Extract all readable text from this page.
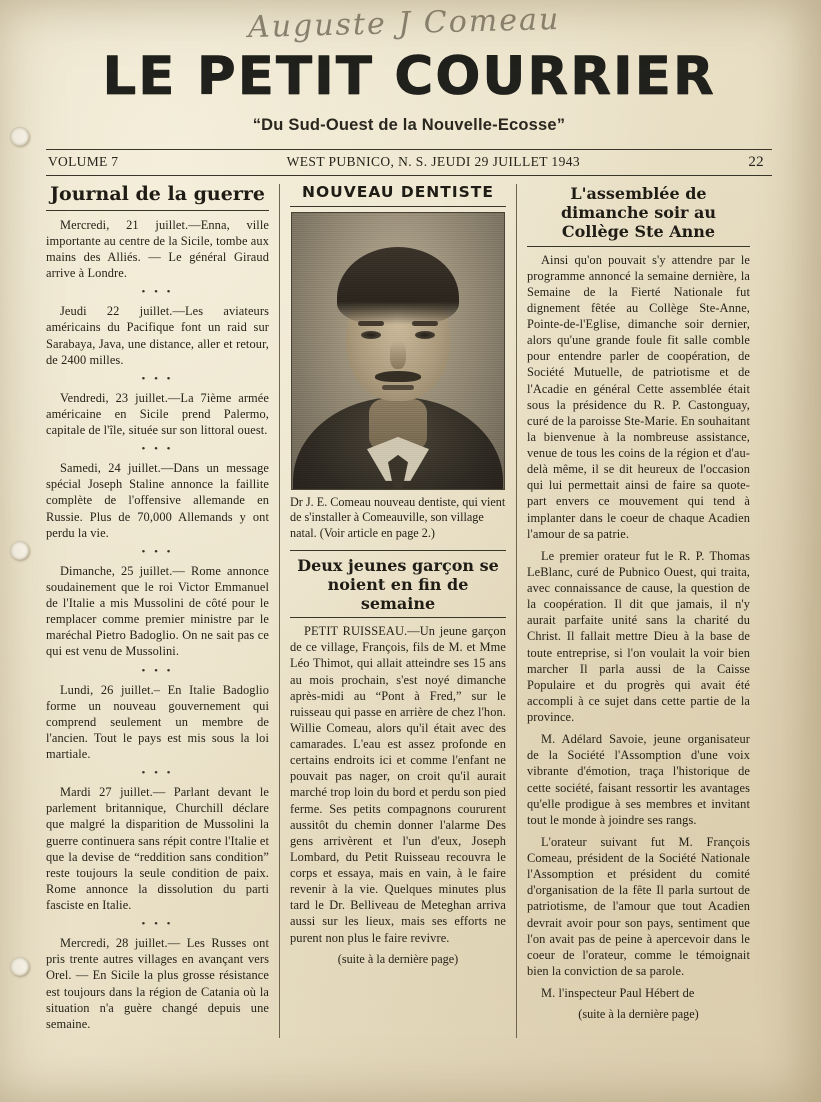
Auguste J Comeau
LE PETIT COURRIER
“Du Sud-Ouest de la Nouvelle-Ecosse”
VOLUME 7	WEST PUBNICO, N. S. JEUDI 29 JUILLET 1943	22
Journal de la guerre

Mercredi, 21 juillet.—Enna, ville importante au centre de la Sicile, tombe aux mains des Alliés. — Le général Giraud arrive à Londre.

• • •

Jeudi 22 juillet.—Les aviateurs américains du Pacifique font un raid sur Sarabaya, Java, une distance, aller et retour, de 2400 milles.

• • •

Vendredi, 23 juillet.—La 7ième armée américaine en Sicile prend Palermo, capitale de l'île, située sur son littoral ouest.

• • •

Samedi, 24 juillet.—Dans un message spécial Joseph Staline annonce la faillite complète de l'offensive allemande en Russie. Plus de 70,000 Allemands y ont perdu la vie.

• • •

Dimanche, 25 juillet.— Rome annonce soudainement que le roi Victor Emmanuel de l'Italie a mis Mussolini de côté pour le remplacer comme premier ministre par le maréchal Pietro Badoglio. On ne sait pas ce qui est venu de Mussolini.

• • •

Lundi, 26 juillet.– En Italie Badoglio forme un nouveau gouvernement qui comprend seulement un membre de l'ancien. Tout le pays est mis sous la loi martiale.

• • •

Mardi 27 juillet.— Parlant devant le parlement britannique, Churchill déclare que malgré la disparition de Mussolini la guerre continuera sans répit contre l'Italie et que la devise de “reddition sans condition” reste toujours la seule condition de paix. Rome annonce la dissolution du parti fasciste en Italie.

• • •

Mercredi, 28 juillet.— Les Russes ont pris trente autres villages en avançant vers Orel. — En Sicile la plus grosse résistance est toujours dans la région de Catania où la situation n'a guère changé depuis une semaine.

NOUVEAU DENTISTE
Dr J. E. Comeau nouveau dentiste, qui vient de s'installer à Comeauville, son village natal. (Voir article en page 2.)
Deux jeunes garçon se noient en fin de semaine

PETIT RUISSEAU.—Un jeune garçon de ce village, François, fils de M. et Mme Léo Thimot, qui allait atteindre ses 15 ans au mois prochain, s'est noyé dimanche après-midi au “Pont à Fred,” sur le ruisseau qui passe en arrière de chez l'hon. Willie Comeau, alors qu'il était avec des camarades. L'eau est assez profonde en certains endroits ici et comme l'enfant ne pouvait pas nager, on croit qu'il aurait marché trop loin du bord et perdu son pied ferme. Ses petits compagnons coururent aussitôt du chemin donner l'alarme Des gens arrivèrent et l'un d'eux, Joseph Lombard, du Petit Ruisseau recouvra le corps et essaya, mais en vain, à le faire revenir à la vie. Quelques minutes plus tard le Dr. Belliveau de Meteghan arriva aussi sur les lieux, mais ses efforts ne purent non plus le faire revivre.

(suite à la dernière page)
L'assemblée de dimanche soir au Collège Ste Anne

Ainsi qu'on pouvait s'y attendre par le programme annoncé la semaine dernière, la Semaine de la Fierté Nationale fut dignement fêtée au Collège Ste-Anne, Pointe-de-l'Eglise, dimanche soir dernier, alors qu'une grande foule fit salle comble pour entendre parler de coopération, de Société Mutuelle, de patriotisme et de l'Acadie en général Cette assemblée était sous la présidence du R. P. Castonguay, curé de la paroisse Ste-Marie. En souhaitant la bienvenue à la nombreuse assistance, venue de tous les coins de la région et d'au-delà même, il se dit heureux de l'occasion qui lui permettait ainsi de faire sa quote-part envers ce mouvement qui tend à implanter dans le coeur de chaque Acadien l'amour de sa patrie.

Le premier orateur fut le R. P. Thomas LeBlanc, curé de Pubnico Ouest, qui traita, avec connaissance de cause, la question de la coopération. Il dit que jamais, il n'y aurait parfaite unité sans la charité du Christ. Il fallait mettre Dieu à la base de toute entreprise, si l'on voulait la voir bien marcher Il parla aussi de la Caisse Populaire et du progrès qui avait été accompli à ce sujet dans cette partie de la province.

M. Adélard Savoie, jeune organisateur de la Société l'Assomption d'une voix vibrante d'émotion, traça l'historique de cette société, faisant ressortir les avantages qu'elle prodigue à ses membres et invitant tout le monde à joindre ses rangs.

L'orateur suivant fut M. François Comeau, président de la Société Nationale l'Assomption et président du comité d'organisation de la fête Il parla surtout de patriotisme, de l'amour que tout Acadien devrait avoir pour son pays, sentiment que l'on avait pas de peine à apercevoir dans le coeur de l'orateur, comme le témoignait bien la conviction de sa parole.

M. l'inspecteur Paul Hébert de

(suite à la dernière page)
